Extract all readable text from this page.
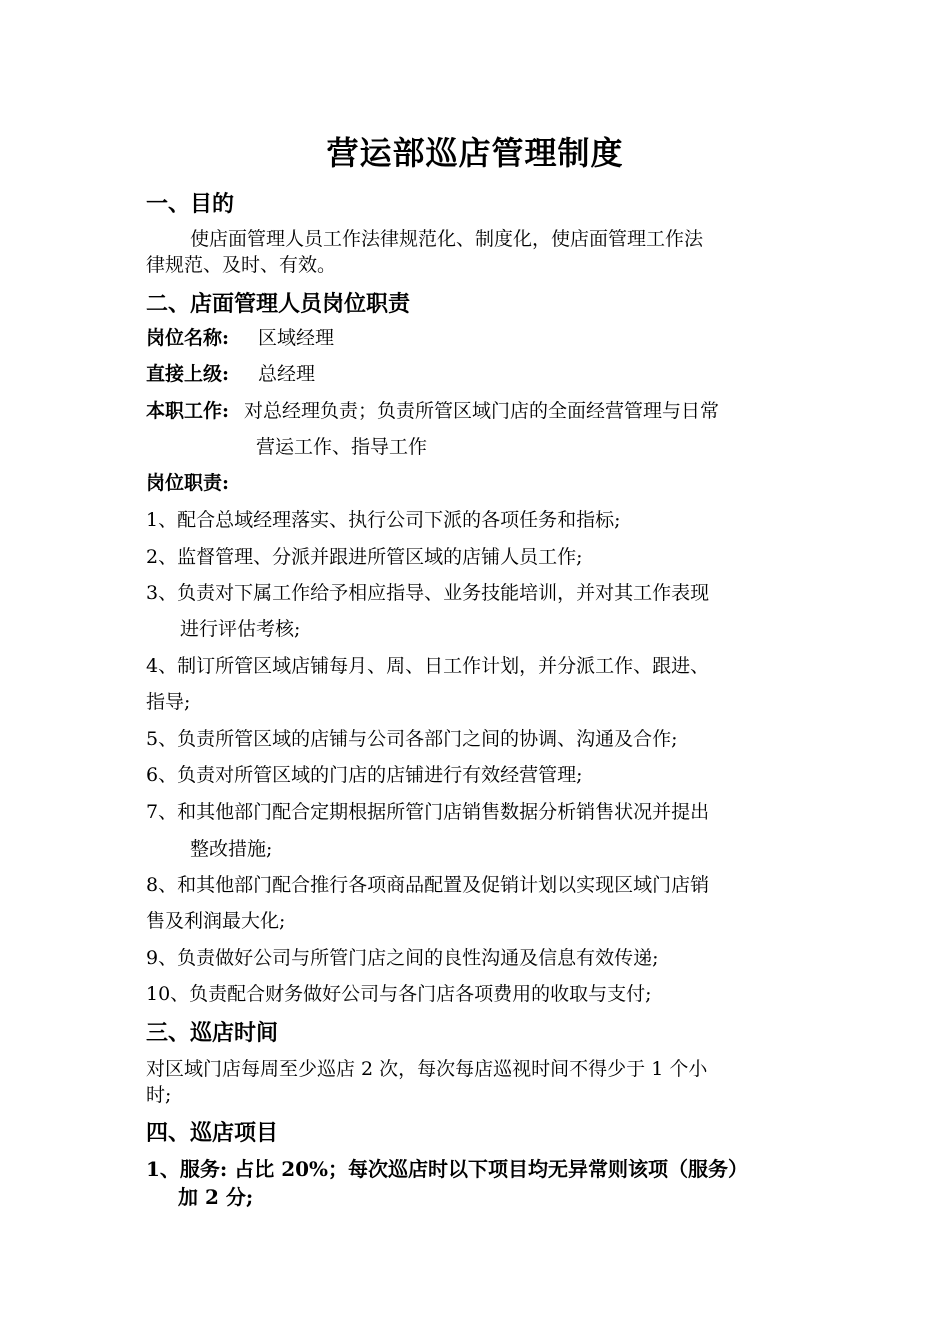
营运部巡店管理制度
一、目的
使店面管理人员工作法律规范化、制度化，使店面管理工作法
律规范、及时、有效。
二、店面管理人员岗位职责
岗位名称: 区域经理
直接上级: 总经理
本职工作: 对总经理负责；负责所管区域门店的全面经营管理与日常
营运工作、指导工作
岗位职责:
1、配合总域经理落实、执行公司下派的各项任务和指标;
2、监督管理、分派并跟进所管区域的店铺人员工作;
3、负责对下属工作给予相应指导、业务技能培训，并对其工作表现
进行评估考核;
4、制订所管区域店铺每月、周、日工作计划，并分派工作、跟进、
指导;
5、负责所管区域的店铺与公司各部门之间的协调、沟通及合作;
6、负责对所管区域的门店的店铺进行有效经营管理;
7、和其他部门配合定期根据所管门店销售数据分析销售状况并提出
整改措施;
8、和其他部门配合推行各项商品配置及促销计划以实现区域门店销
售及利润最大化;
9、负责做好公司与所管门店之间的良性沟通及信息有效传递;
10、负责配合财务做好公司与各门店各项费用的收取与支付;
三、巡店时间
对区域门店每周至少巡店 2 次，每次每店巡视时间不得少于 1 个小
时;
四、巡店项目
1、服务: 占比 20%；每次巡店时以下项目均无异常则该项（服务）
加 2 分;
